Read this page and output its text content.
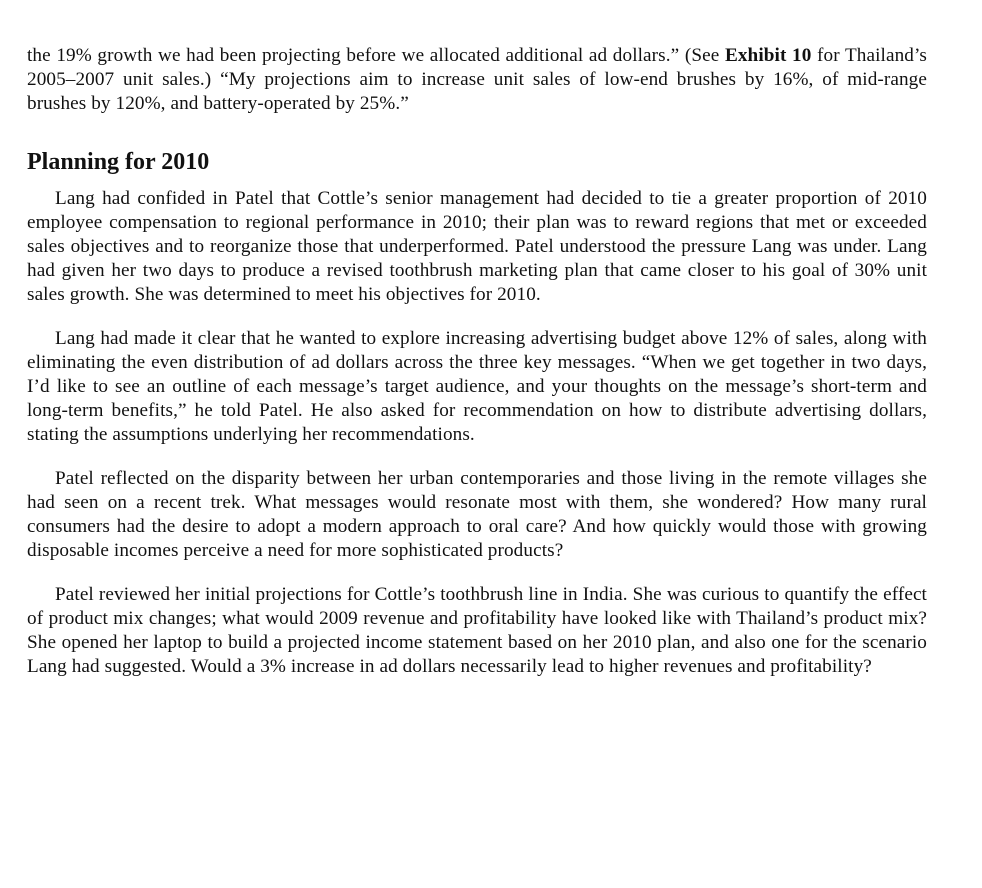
the 19% growth we had been projecting before we allocated additional ad dollars.” (See Exhibit 10 for Thailand’s 2005–2007 unit sales.) “My projections aim to increase unit sales of low-end brushes by 16%, of mid-range brushes by 120%, and battery-operated by 25%.”

Planning for 2010

Lang had confided in Patel that Cottle’s senior management had decided to tie a greater proportion of 2010 employee compensation to regional performance in 2010; their plan was to reward regions that met or exceeded sales objectives and to reorganize those that underperformed. Patel understood the pressure Lang was under. Lang had given her two days to produce a revised toothbrush marketing plan that came closer to his goal of 30% unit sales growth. She was determined to meet his objectives for 2010.

Lang had made it clear that he wanted to explore increasing advertising budget above 12% of sales, along with eliminating the even distribution of ad dollars across the three key messages. “When we get together in two days, I’d like to see an outline of each message’s target audience, and your thoughts on the message’s short-term and long-term benefits,” he told Patel. He also asked for recommendation on how to distribute advertising dollars, stating the assumptions underlying her recommendations.

Patel reflected on the disparity between her urban contemporaries and those living in the remote villages she had seen on a recent trek. What messages would resonate most with them, she wondered? How many rural consumers had the desire to adopt a modern approach to oral care? And how quickly would those with growing disposable incomes perceive a need for more sophisticated products?

Patel reviewed her initial projections for Cottle’s toothbrush line in India. She was curious to quantify the effect of product mix changes; what would 2009 revenue and profitability have looked like with Thailand’s product mix? She opened her laptop to build a projected income statement based on her 2010 plan, and also one for the scenario Lang had suggested. Would a 3% increase in ad dollars necessarily lead to higher revenues and profitability?
